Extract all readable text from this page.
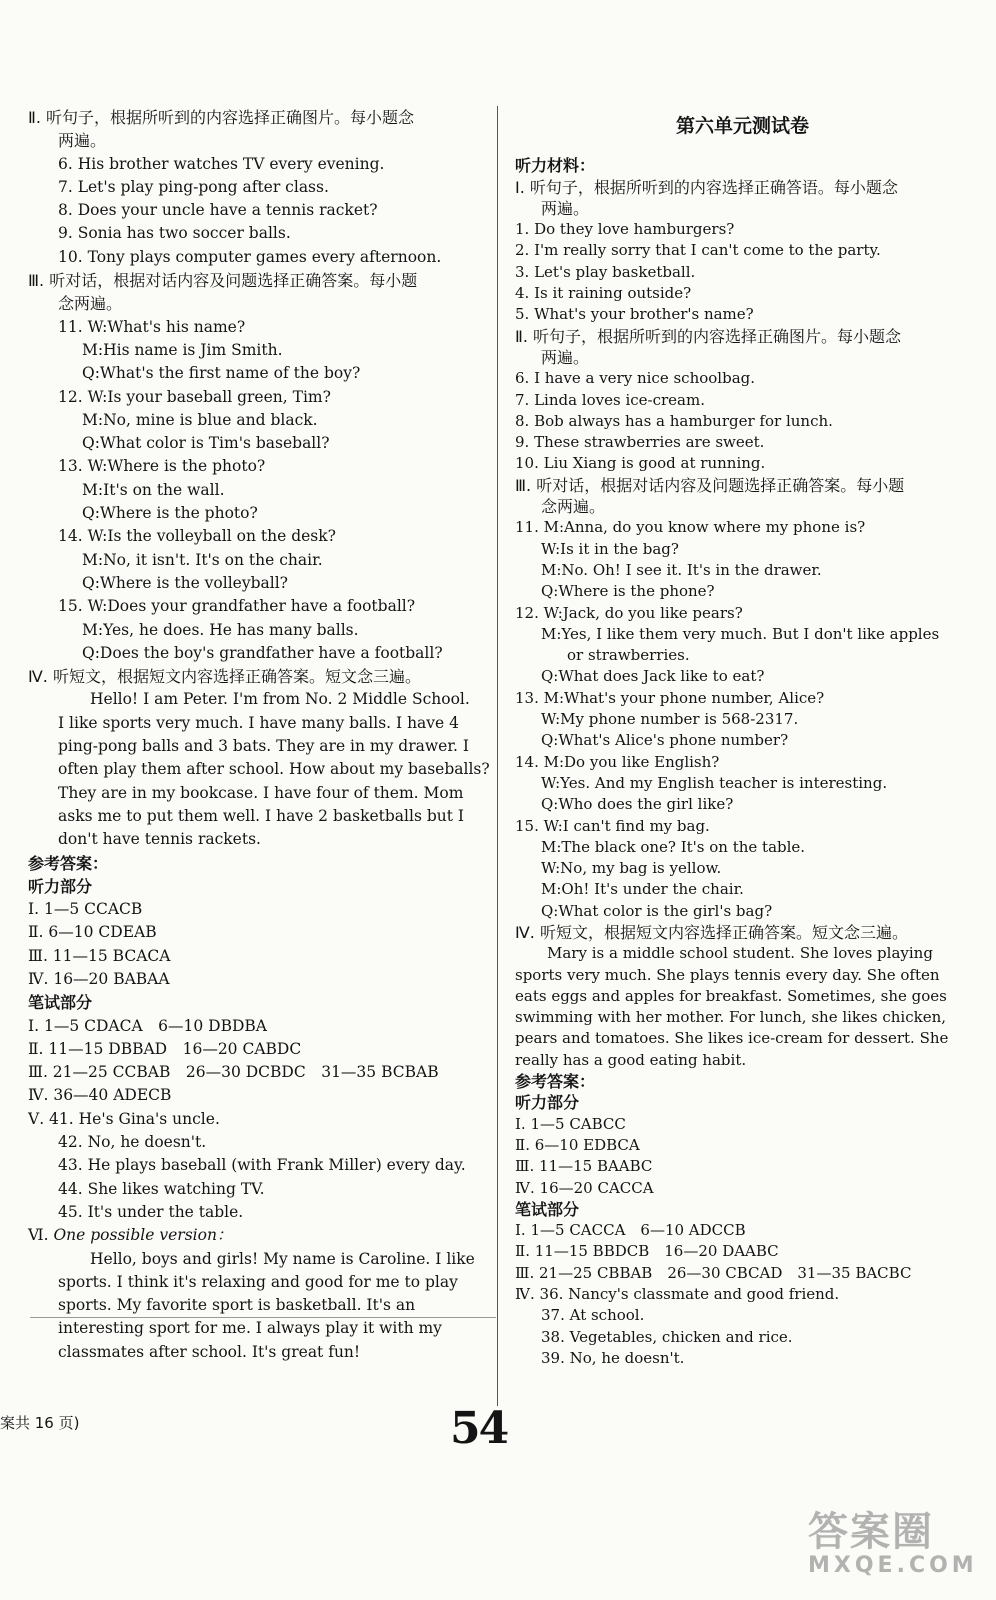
Ⅱ. 听句子，根据所听到的内容选择正确图片。每小题念
两遍。
6. His brother watches TV every evening.
7. Let's play ping-pong after class.
8. Does your uncle have a tennis racket?
9. Sonia has two soccer balls.
10. Tony plays computer games every afternoon.
Ⅲ. 听对话，根据对话内容及问题选择正确答案。每小题
念两遍。
11. W:What's his name?
M:His name is Jim Smith.
Q:What's the first name of the boy?
12. W:Is your baseball green, Tim?
M:No, mine is blue and black.
Q:What color is Tim's baseball?
13. W:Where is the photo?
M:It's on the wall.
Q:Where is the photo?
14. W:Is the volleyball on the desk?
M:No, it isn't. It's on the chair.
Q:Where is the volleyball?
15. W:Does your grandfather have a football?
M:Yes, he does. He has many balls.
Q:Does the boy's grandfather have a football?
Ⅳ. 听短文，根据短文内容选择正确答案。短文念三遍。
Hello! I am Peter. I'm from No. 2 Middle School.
I like sports very much. I have many balls. I have 4
ping-pong balls and 3 bats. They are in my drawer. I
often play them after school. How about my baseballs?
They are in my bookcase. I have four of them. Mom
asks me to put them well. I have 2 basketballs but I
don't have tennis rackets.
参考答案：
听力部分
Ⅰ. 1—5 CCACB
Ⅱ. 6—10 CDEAB
Ⅲ. 11—15 BCACA
Ⅳ. 16—20 BABAA
笔试部分
Ⅰ. 1—5 CDACA　6—10 DBDBA
Ⅱ. 11—15 DBBAD　16—20 CABDC
Ⅲ. 21—25 CCBAB　26—30 DCBDC　31—35 BCBAB
Ⅳ. 36—40 ADECB
Ⅴ. 41. He's Gina's uncle.
42. No, he doesn't.
43. He plays baseball (with Frank Miller) every day.
44. She likes watching TV.
45. It's under the table.
Ⅵ. One possible version：
Hello, boys and girls! My name is Caroline. I like
sports. I think it's relaxing and good for me to play
sports. My favorite sport is basketball. It's an
interesting sport for me. I always play it with my
classmates after school. It's great fun!
第六单元测试卷
听力材料：
Ⅰ. 听句子，根据所听到的内容选择正确答语。每小题念
两遍。
1. Do they love hamburgers?
2. I'm really sorry that I can't come to the party.
3. Let's play basketball.
4. Is it raining outside?
5. What's your brother's name?
Ⅱ. 听句子，根据所听到的内容选择正确图片。每小题念
两遍。
6. I have a very nice schoolbag.
7. Linda loves ice-cream.
8. Bob always has a hamburger for lunch.
9. These strawberries are sweet.
10. Liu Xiang is good at running.
Ⅲ. 听对话，根据对话内容及问题选择正确答案。每小题
念两遍。
11. M:Anna, do you know where my phone is?
W:Is it in the bag?
M:No. Oh! I see it. It's in the drawer.
Q:Where is the phone?
12. W:Jack, do you like pears?
M:Yes, I like them very much. But I don't like apples
or strawberries.
Q:What does Jack like to eat?
13. M:What's your phone number, Alice?
W:My phone number is 568-2317.
Q:What's Alice's phone number?
14. M:Do you like English?
W:Yes. And my English teacher is interesting.
Q:Who does the girl like?
15. W:I can't find my bag.
M:The black one? It's on the table.
W:No, my bag is yellow.
M:Oh! It's under the chair.
Q:What color is the girl's bag?
Ⅳ. 听短文，根据短文内容选择正确答案。短文念三遍。
Mary is a middle school student. She loves playing
sports very much. She plays tennis every day. She often
eats eggs and apples for breakfast. Sometimes, she goes
swimming with her mother. For lunch, she likes chicken,
pears and tomatoes. She likes ice-cream for dessert. She
really has a good eating habit.
参考答案：
听力部分
Ⅰ. 1—5 CABCC
Ⅱ. 6—10 EDBCA
Ⅲ. 11—15 BAABC
Ⅳ. 16—20 CACCA
笔试部分
Ⅰ. 1—5 CACCA　6—10 ADCCB
Ⅱ. 11—15 BBDCB　16—20 DAABC
Ⅲ. 21—25 CBBAB　26—30 CBCAD　31—35 BACBC
Ⅳ. 36. Nancy's classmate and good friend.
37. At school.
38. Vegetables, chicken and rice.
39. No, he doesn't.
案共 16 页)	54
答案圈
MXQE.COM
